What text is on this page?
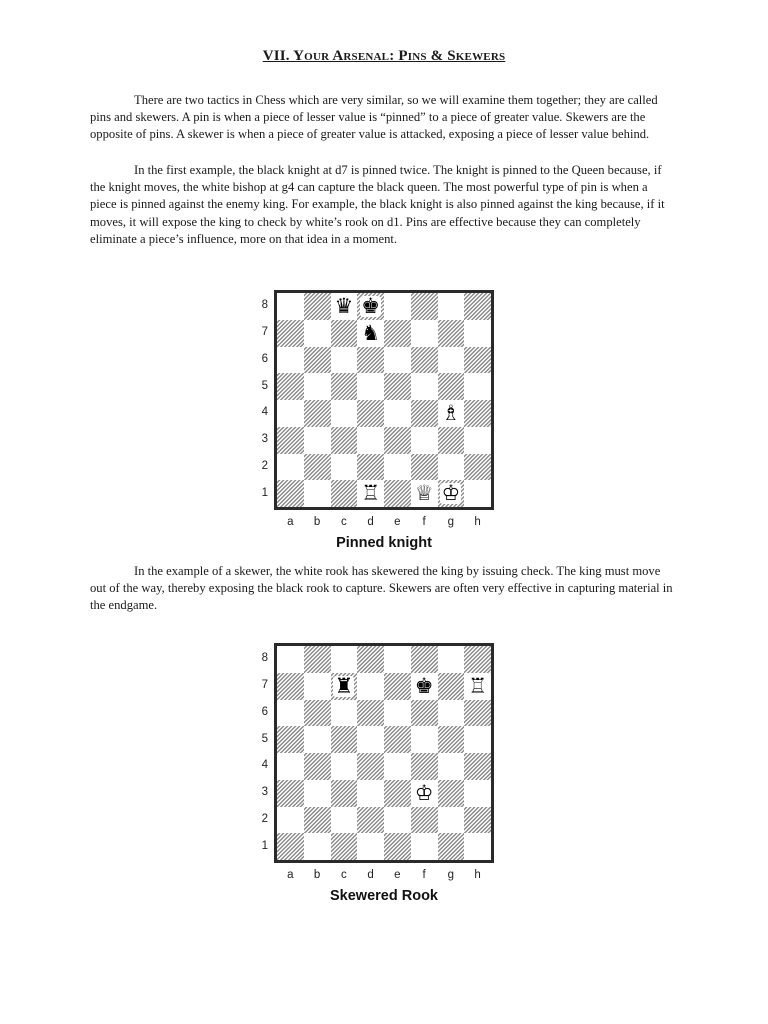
VII. Your Arsenal: Pins & Skewers

There are two tactics in Chess which are very similar, so we will examine them together; they are called pins and skewers. A pin is when a piece of lesser value is “pinned” to a piece of greater value. Skewers are the opposite of pins. A skewer is when a piece of greater value is attacked, exposing a piece of lesser value behind.

In the first example, the black knight at d7 is pinned twice. The knight is pinned to the Queen because, if the knight moves, the white bishop at g4 can capture the black queen. The most powerful type of pin is when a piece is pinned against the enemy king. For example, the black knight is also pinned against the king because, if it moves, it will expose the king to check by white’s rook on d1. Pins are effective because they can completely eliminate a piece’s influence, more on that idea in a moment.

In the example of a skewer, the white rook has skewered the king by issuing check. The king must move out of the way, thereby exposing the black rook to capture. Skewers are often very effective in capturing material in the endgame.

♛ ♚
♞
♗
♖ ♕ ♔
8
7
6
5
4
3
2
1
a	b	c	d	e	f	g	h
Pinned knight
♜	♚ ♖
♔
8
7
6
5
4
3
2
1
a	b	c	d	e	f	g	h
Skewered Rook
